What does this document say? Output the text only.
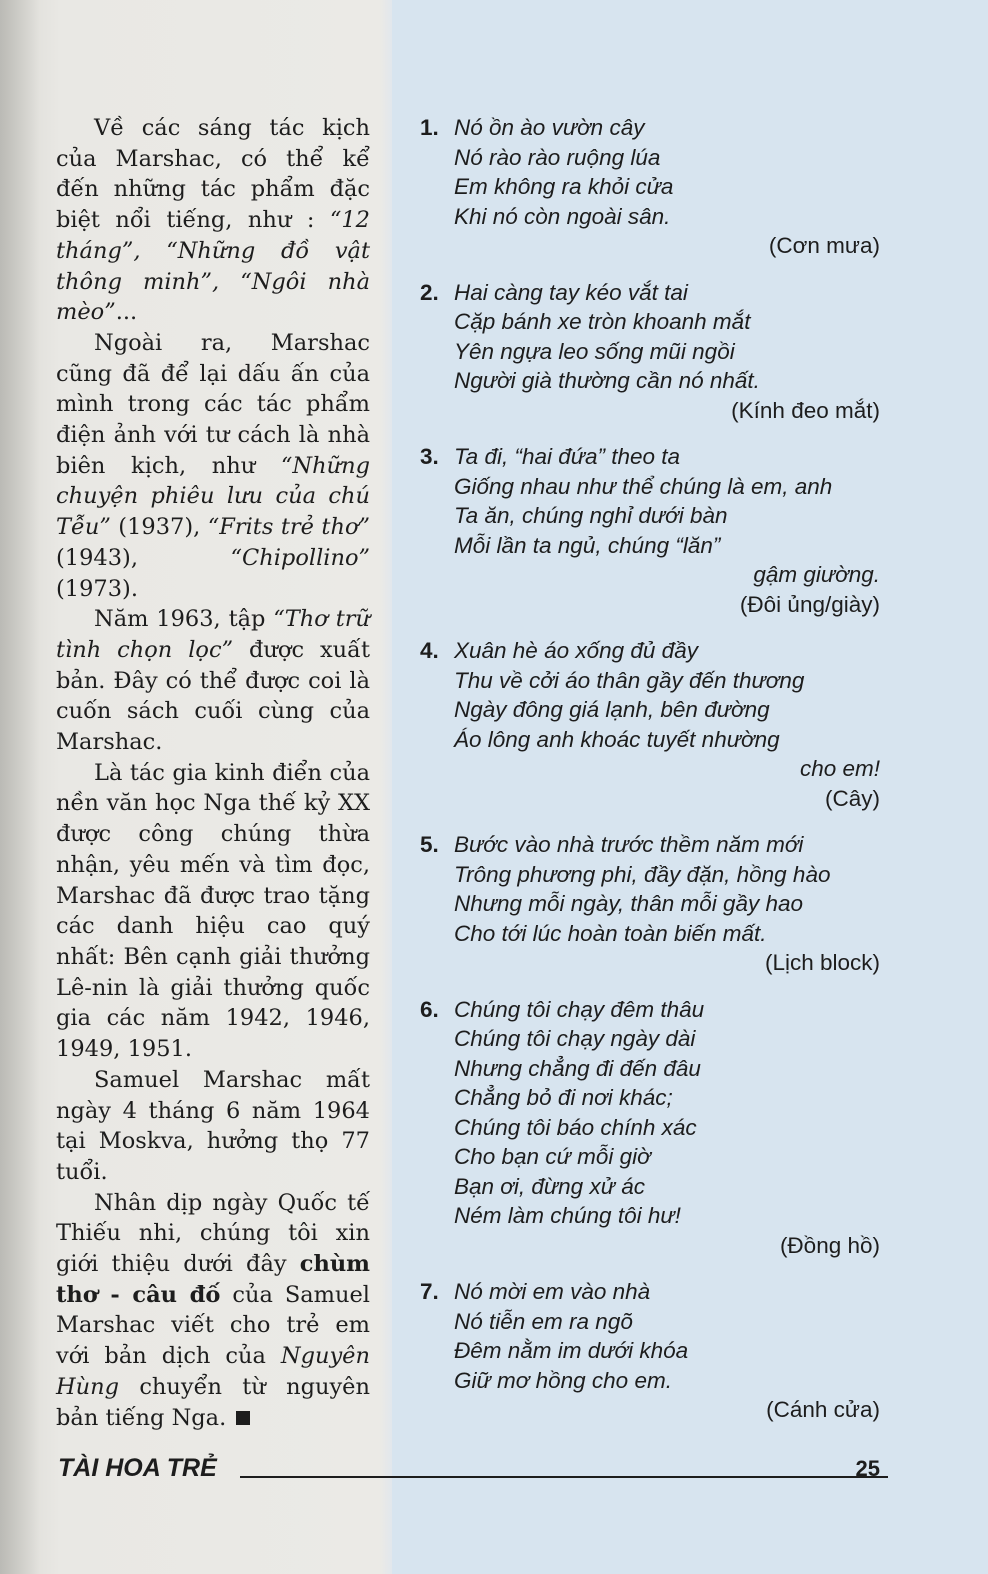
Về các sáng tác kịch của Marshac, có thể kể đến những tác phẩm đặc biệt nổi tiếng, như : “12 tháng”, “Những đồ vật thông minh”, “Ngôi nhà mèo”...

Ngoài ra, Marshac cũng đã để lại dấu ấn của mình trong các tác phẩm điện ảnh với tư cách là nhà biên kịch, như “Những chuyện phiêu lưu của chú Tễu” (1937), “Frits trẻ thơ” (1943), “Chipollino” (1973).

Năm 1963, tập “Thơ trữ tình chọn lọc” được xuất bản. Đây có thể được coi là cuốn sách cuối cùng của Marshac.

Là tác gia kinh điển của nền văn học Nga thế kỷ XX được công chúng thừa nhận, yêu mến và tìm đọc, Marshac đã được trao tặng các danh hiệu cao quý nhất: Bên cạnh giải thưởng Lê-nin là giải thưởng quốc gia các năm 1942, 1946, 1949, 1951.

Samuel Marshac mất ngày 4 tháng 6 năm 1964 tại Moskva, hưởng thọ 77 tuổi.

Nhân dịp ngày Quốc tế Thiếu nhi, chúng tôi xin giới thiệu dưới đây chùm thơ - câu đố của Samuel Marshac viết cho trẻ em với bản dịch của Nguyên Hùng chuyển từ nguyên bản tiếng Nga.

1. Nó ồn ào vườn cây
Nó rào rào ruộng lúa
Em không ra khỏi cửa
Khi nó còn ngoài sân.
(Cơn mưa)
2. Hai càng tay kéo vắt tai
Cặp bánh xe tròn khoanh mắt
Yên ngựa leo sống mũi ngồi
Người già thường cần nó nhất.
(Kính đeo mắt)
3. Ta đi, “hai đứa” theo ta
Giống nhau như thể chúng là em, anh
Ta ăn, chúng nghỉ dưới bàn
Mỗi lần ta ngủ, chúng “lăn”
gậm giường.
(Đôi ủng/giày)
4. Xuân hè áo xống đủ đầy
Thu về cởi áo thân gầy đến thương
Ngày đông giá lạnh, bên đường
Áo lông anh khoác tuyết nhường
cho em!
(Cây)
5. Bước vào nhà trước thềm năm mới
Trông phương phi, đầy đặn, hồng hào
Nhưng mỗi ngày, thân mỗi gầy hao
Cho tới lúc hoàn toàn biến mất.
(Lịch block)
6. Chúng tôi chạy đêm thâu
Chúng tôi chạy ngày dài
Nhưng chẳng đi đến đâu
Chẳng bỏ đi nơi khác;
Chúng tôi báo chính xác
Cho bạn cứ mỗi giờ
Bạn ơi, đừng xử ác
Ném làm chúng tôi hư!
(Đồng hồ)
7. Nó mời em vào nhà
Nó tiễn em ra ngõ
Đêm nằm im dưới khóa
Giữ mơ hồng cho em.
(Cánh cửa)
TÀI HOA TRẺ	25
